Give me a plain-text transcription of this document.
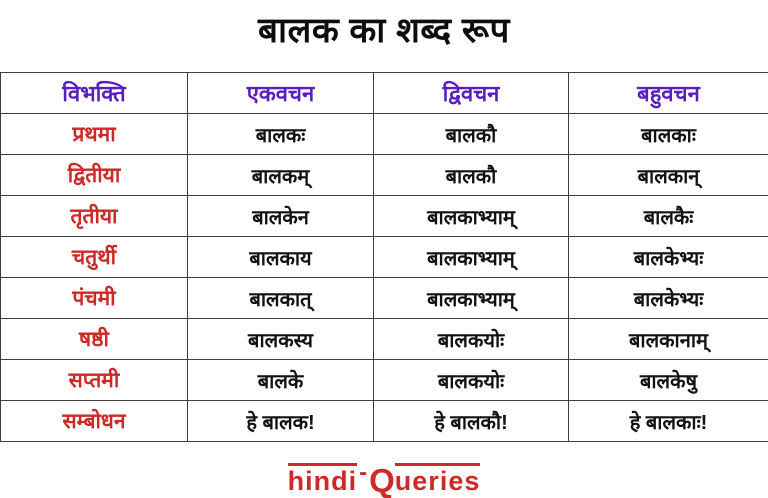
बालक का शब्द रूप
विभक्ति	एकवचन	द्विवचन	बहुवचन
प्रथमा	बालकः	बालकौ	बालकाः
द्वितीया	बालकम्	बालकौ	बालकान्
तृतीया	बालकेन	बालकाभ्याम्	बालकैः
चतुर्थी	बालकाय	बालकाभ्याम्	बालकेभ्यः
पंचमी	बालकात्	बालकाभ्याम्	बालकेभ्यः
षष्ठी	बालकस्य	बालकयोः	बालकानाम्
सप्तमी	बालके	बालकयोः	बालकेषु
सम्बोधन	हे बालक!	हे बालकौ!	हे बालकाः!
hindi-Queries
